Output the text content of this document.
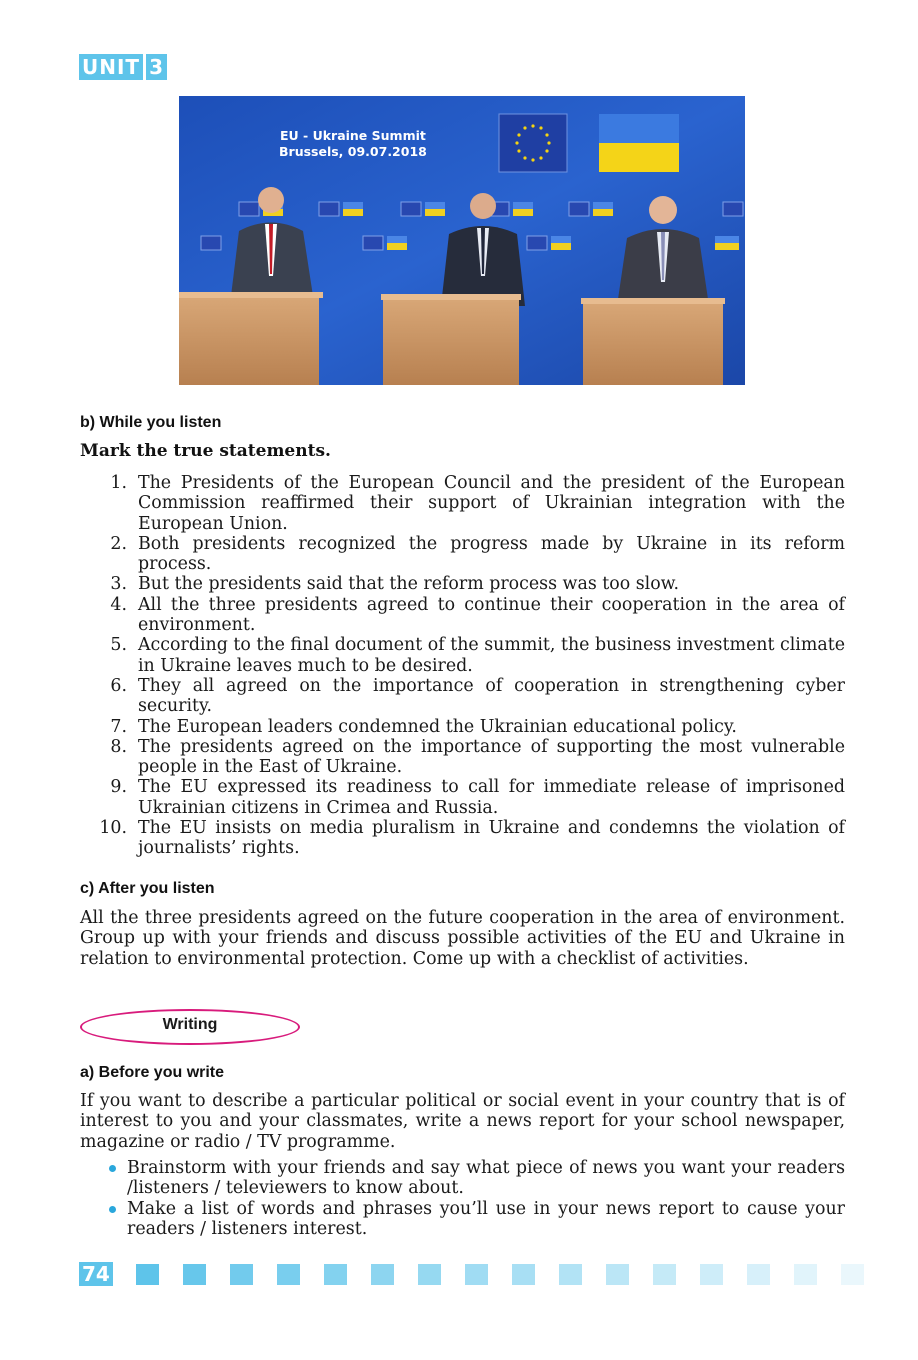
UNIT 3
EU - Ukraine Summit
Brussels, 09.07.2018
b) While you listen
Mark the true statements.
1. The Presidents of the European Council and the president of the European Commission reaffirmed their support of Ukrainian integration with the European Union.
2. Both presidents recognized the progress made by Ukraine in its reform process.
3. But the presidents said that the reform process was too slow.
4. All the three presidents agreed to continue their cooperation in the area of environment.
5. According to the final document of the summit, the business investment climate in Ukraine leaves much to be desired.
6. They all agreed on the importance of cooperation in strengthening cyber security.
7. The European leaders condemned the Ukrainian educational policy.
8. The presidents agreed on the importance of supporting the most vulnerable people in the East of Ukraine.
9. The EU expressed its readiness to call for immediate release of imprisoned Ukrainian citizens in Crimea and Russia.
10. The EU insists on media pluralism in Ukraine and condemns the violation of journalists’ rights.
c) After you listen

All the three presidents agreed on the future cooperation in the area of environment. Group up with your friends and discuss possible activities of the EU and Ukraine in relation to environmental protection. Come up with a checklist of activities.

Writing
a) Before you write

If you want to describe a particular political or social event in your country that is of interest to you and your classmates, write a news report for your school newspaper, magazine or radio / TV programme.

Brainstorm with your friends and say what piece of news you want your readers /listeners / televiewers to know about.
Make a list of words and phrases you’ll use in your news report to cause your readers / listeners interest.
74
